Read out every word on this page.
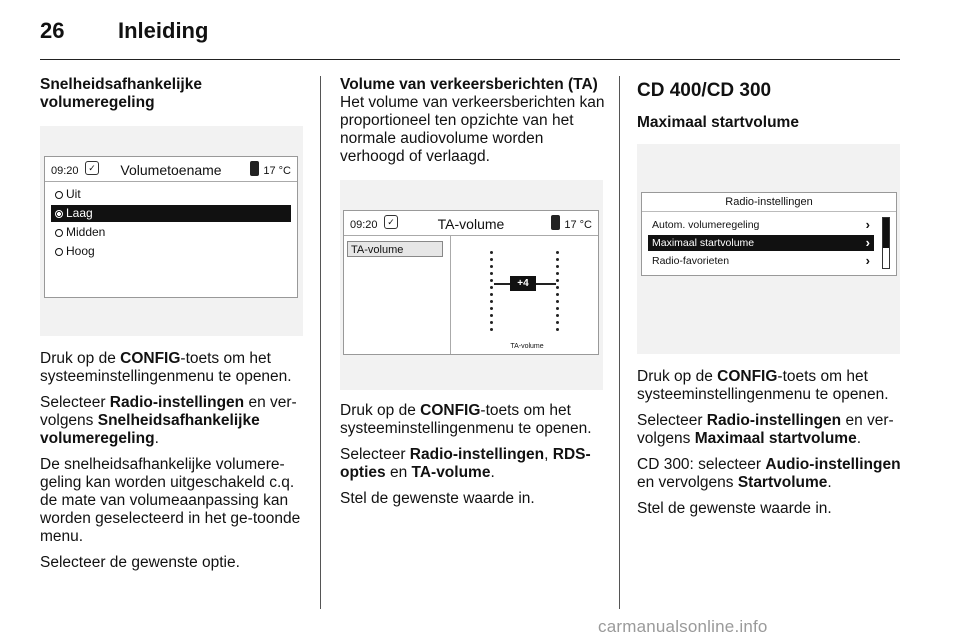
26 Inleiding
Snelheidsafhankelijke volumeregeling
09:20	✓	Volumetoename	17 °C
Uit
Laag
Midden
Hoog

Druk op de CONFIG-toets om het systeeminstellingenmenu te openen.

Selecteer Radio-instellingen en ver-volgens Snelheidsafhankelijke volumeregeling.

De snelheidsafhankelijke volumere-geling kan worden uitgeschakeld c.q. de mate van volumeaanpassing kan worden geselecteerd in het ge-toonde menu.

Selecteer de gewenste optie.

Volume van verkeersberichten (TA)

Het volume van verkeersberichten kan proportioneel ten opzichte van het normale audiovolume worden verhoogd of verlaagd.

09:20	✓	TA-volume	17 °C
TA-volume
+4
TA-volume

Druk op de CONFIG-toets om het systeeminstellingenmenu te openen.

Selecteer Radio-instellingen, RDS-opties en TA-volume.

Stel de gewenste waarde in.

CD 400/CD 300
Maximaal startvolume
Radio-instellingen
Autom. volumeregeling	›
Maximaal startvolume	›
Radio-favorieten	›

Druk op de CONFIG-toets om het systeeminstellingenmenu te openen.

Selecteer Radio-instellingen en ver-volgens Maximaal startvolume.

CD 300: selecteer Audio-instellingen en vervolgens Startvolume.

Stel de gewenste waarde in.

carmanualsonline.info
